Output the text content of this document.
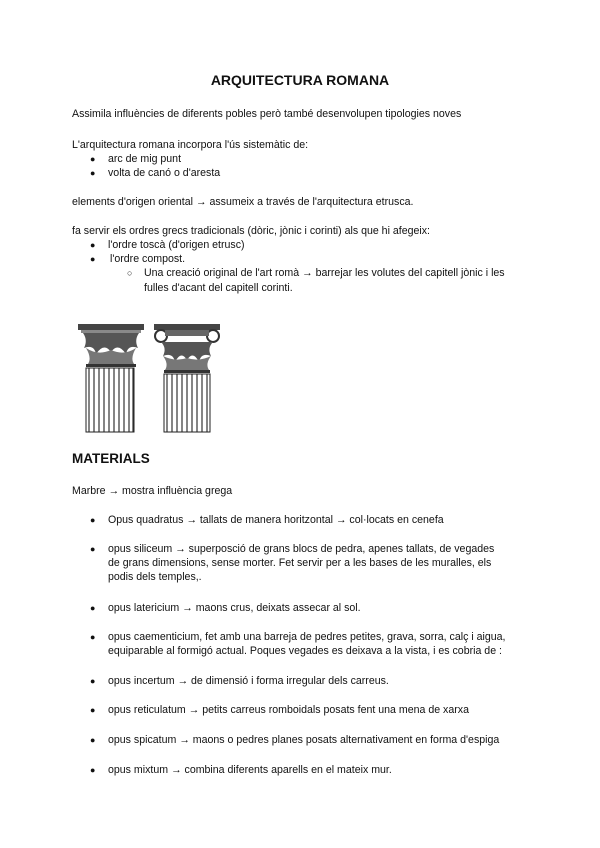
ARQUITECTURA ROMANA
Assimila influències de diferents pobles però també desenvolupen tipologies noves
L'arquitectura romana incorpora l'ús sistemàtic de:
● arc de mig punt
● volta de canó o d'aresta
elements d'origen oriental → assumeix a través de l'arquitectura etrusca.
fa servir els ordres grecs tradicionals (dòric, jònic i corinti) als que hi afegeix:
● l'ordre toscà (d'origen etrusc)
● l'ordre compost.
○ Una creació original de l'art romà → barrejar les volutes del capitell jònic i les
fulles d'acant del capitell corinti.
MATERIALS
Marbre → mostra influència grega
● Opus quadratus → tallats de manera horitzontal → col·locats en cenefa
● opus siliceum → superposció de grans blocs de pedra, apenes tallats, de vegades
de grans dimensions, sense morter. Fet servir per a les bases de les muralles, els
podis dels temples,.
● opus latericium → maons crus, deixats assecar al sol.
● opus caementicium, fet amb una barreja de pedres petites, grava, sorra, calç i aigua,
equiparable al formigó actual. Poques vegades es deixava a la vista, i es cobria de :
● opus incertum → de dimensió i forma irregular dels carreus.
● opus reticulatum → petits carreus romboidals posats fent una mena de xarxa
● opus spicatum → maons o pedres planes posats alternativament en forma d'espiga
● opus mixtum → combina diferents aparells en el mateix mur.
